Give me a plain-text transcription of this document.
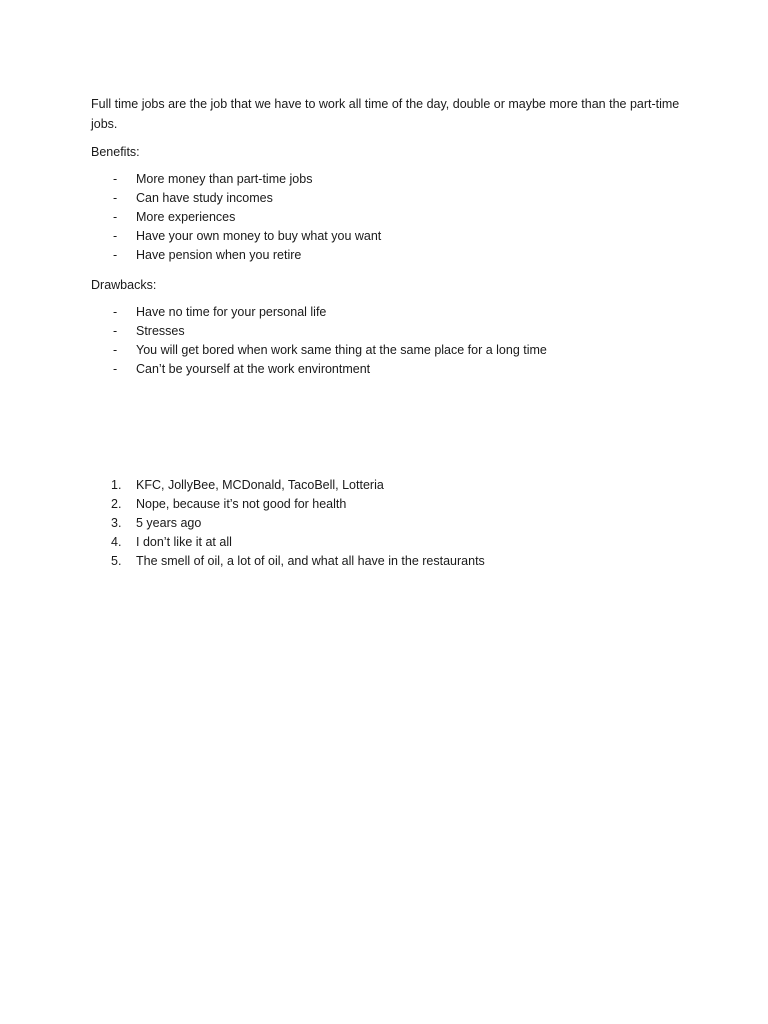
Full time jobs are the job that we have to work all time of the day, double or maybe more than the part-time jobs.

Benefits:

- More money than part-time jobs
- Can have study incomes
- More experiences
- Have your own money to buy what you want
- Have pension when you retire

Drawbacks:

- Have no time for your personal life
- Stresses
- You will get bored when work same thing at the same place for a long time
- Can’t be yourself at the work environtment
1. KFC, JollyBee, MCDonald, TacoBell, Lotteria
2. Nope, because it’s not good for health
3. 5 years ago
4. I don’t like it at all
5. The smell of oil, a lot of oil, and what all have in the restaurants
